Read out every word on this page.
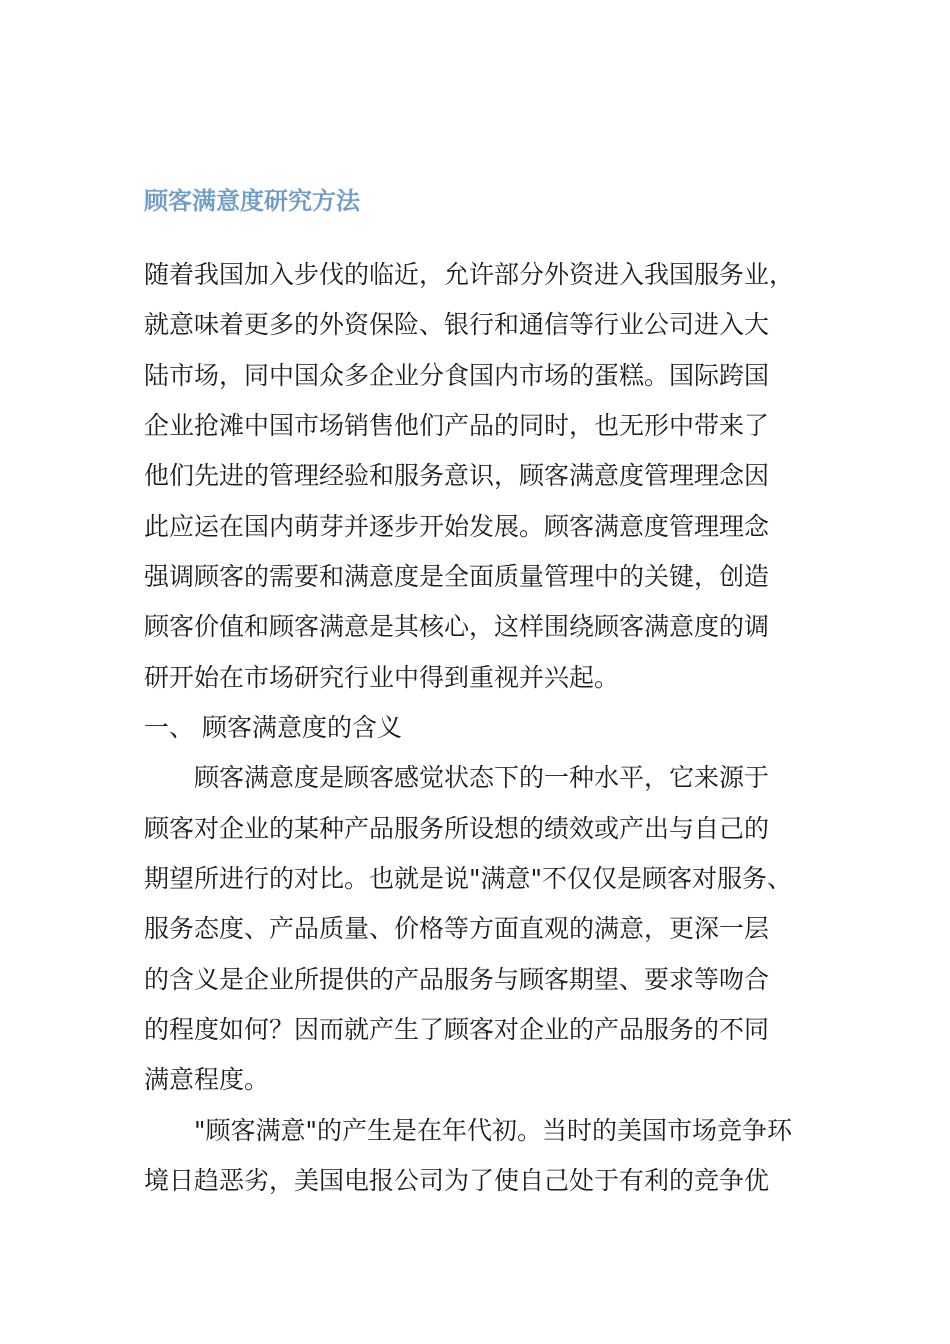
顾客满意度研究方法

随着我国加入步伐的临近，允许部分外资进入我国服务业，

就意味着更多的外资保险、银行和通信等行业公司进入大

陆市场，同中国众多企业分食国内市场的蛋糕。国际跨国

企业抢滩中国市场销售他们产品的同时，也无形中带来了

他们先进的管理经验和服务意识，顾客满意度管理理念因

此应运在国内萌芽并逐步开始发展。顾客满意度管理理念

强调顾客的需要和满意度是全面质量管理中的关键，创造

顾客价值和顾客满意是其核心，这样围绕顾客满意度的调

研开始在市场研究行业中得到重视并兴起。

一、 顾客满意度的含义

顾客满意度是顾客感觉状态下的一种水平，它来源于

顾客对企业的某种产品服务所设想的绩效或产出与自己的

期望所进行的对比。也就是说"满意"不仅仅是顾客对服务、

服务态度、产品质量、价格等方面直观的满意，更深一层

的含义是企业所提供的产品服务与顾客期望、要求等吻合

的程度如何？因而就产生了顾客对企业的产品服务的不同

满意程度。

"顾客满意"的产生是在年代初。当时的美国市场竞争环

境日趋恶劣，美国电报公司为了使自己处于有利的竞争优
